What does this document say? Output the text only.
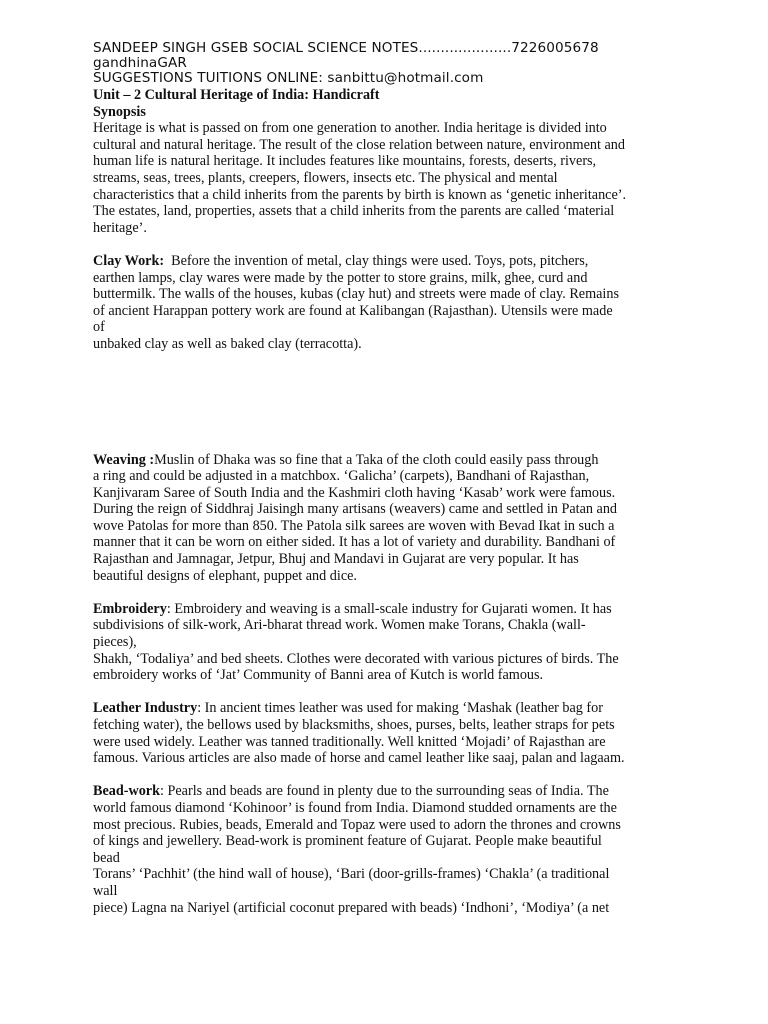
SANDEEP SINGH GSEB SOCIAL SCIENCE NOTES.....................7226005678
gandhinaGAR
SUGGESTIONS TUITIONS ONLINE: sanbittu@hotmail.com
Unit – 2 Cultural Heritage of India: Handicraft
Synopsis

Heritage is what is passed on from one generation to another. India heritage is divided into
cultural and natural heritage. The result of the close relation between nature, environment and
human life is natural heritage. It includes features like mountains, forests, deserts, rivers,
streams, seas, trees, plants, creepers, flowers, insects etc. The physical and mental
characteristics that a child inherits from the parents by birth is known as ‘genetic inheritance’.
The estates, land, properties, assets that a child inherits from the parents are called ‘material
heritage’.

Clay Work:  Before the invention of metal, clay things were used. Toys, pots, pitchers,
earthen lamps, clay wares were made by the potter to store grains, milk, ghee, curd and
buttermilk. The walls of the houses, kubas (clay hut) and streets were made of clay. Remains
of ancient Harappan pottery work are found at Kalibangan (Rajasthan). Utensils were made
of
unbaked clay as well as baked clay (terracotta).

Weaving :Muslin of Dhaka was so fine that a Taka of the cloth could easily pass through
a ring and could be adjusted in a matchbox. ‘Galicha’ (carpets), Bandhani of Rajasthan,
Kanjivaram Saree of South India and the Kashmiri cloth having ‘Kasab’ work were famous.
During the reign of Siddhraj Jaisingh many artisans (weavers) came and settled in Patan and
wove Patolas for more than 850. The Patola silk sarees are woven with Bevad Ikat in such a
manner that it can be worn on either sided. It has a lot of variety and durability. Bandhani of
Rajasthan and Jamnagar, Jetpur, Bhuj and Mandavi in Gujarat are very popular. It has
beautiful designs of elephant, puppet and dice.

Embroidery: Embroidery and weaving is a small-scale industry for Gujarati women. It has
subdivisions of silk-work, Ari-bharat thread work. Women make Torans, Chakla (wall-
pieces),
Shakh, ‘Todaliya’ and bed sheets. Clothes were decorated with various pictures of birds. The
embroidery works of ‘Jat’ Community of Banni area of Kutch is world famous.

Leather Industry: In ancient times leather was used for making ‘Mashak (leather bag for
fetching water), the bellows used by blacksmiths, shoes, purses, belts, leather straps for pets
were used widely. Leather was tanned traditionally. Well knitted ‘Mojadi’ of Rajasthan are
famous. Various articles are also made of horse and camel leather like saaj, palan and lagaam.

Bead-work: Pearls and beads are found in plenty due to the surrounding seas of India. The
world famous diamond ‘Kohinoor’ is found from India. Diamond studded ornaments are the
most precious. Rubies, beads, Emerald and Topaz were used to adorn the thrones and crowns
of kings and jewellery. Bead-work is prominent feature of Gujarat. People make beautiful
bead
Torans’ ‘Pachhit’ (the hind wall of house), ‘Bari (door-grills-frames) ‘Chakla’ (a traditional
wall
piece) Lagna na Nariyel (artificial coconut prepared with beads) ‘Indhoni’, ‘Modiya’ (a net
